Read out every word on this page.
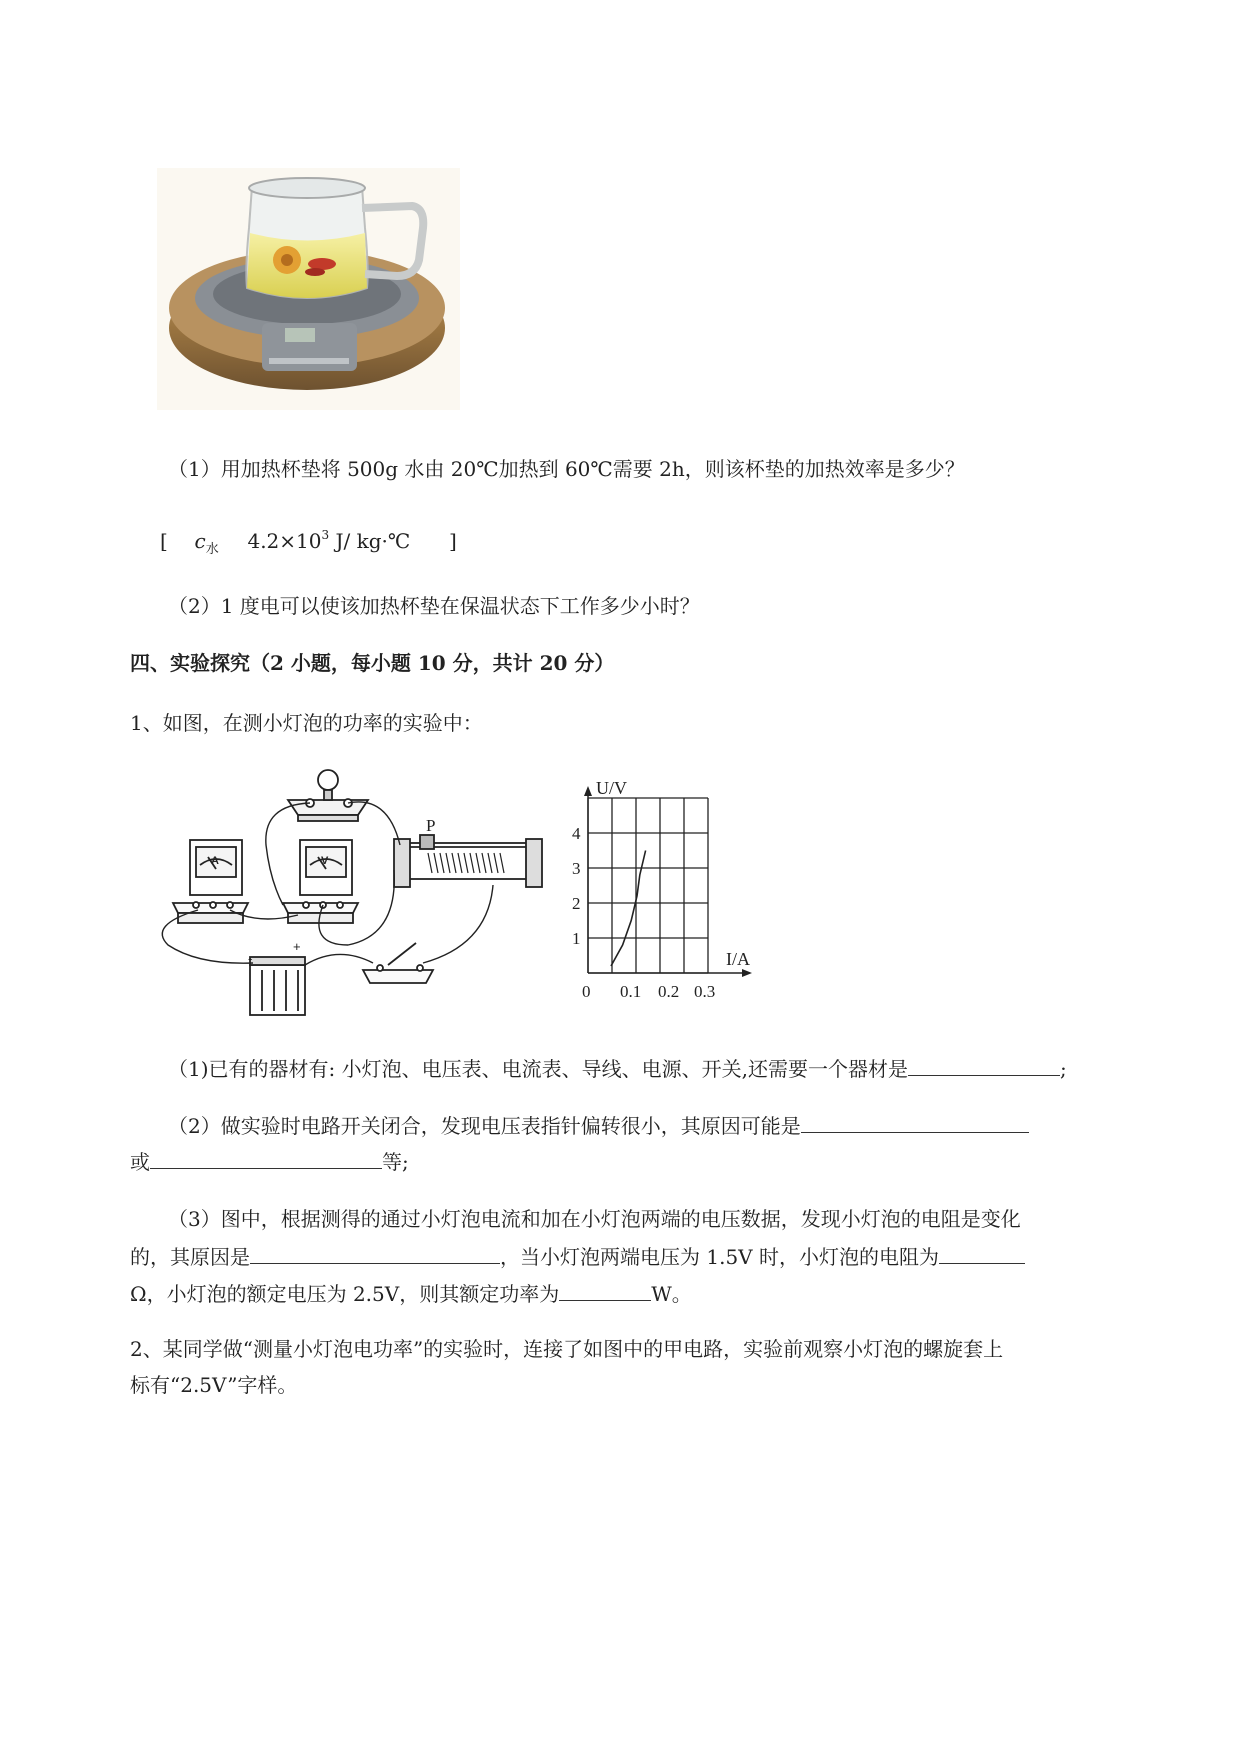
（1）用加热杯垫将 500g 水由 20℃加热到 60℃需要 2h，则该杯垫的加热效率是多少？
[ $c_水$ $4.2\times 10^3$ J/ kg·℃ ]
（2）1 度电可以使该加热杯垫在保温状态下工作多少小时？
四、实验探究（2 小题，每小题 10 分，共计 20 分）
1、如图，在测小灯泡的功率的实验中：
A	V
P
+
-
1
2
3
4
0 0.1 0.2 0.3
U/V
I/A
（1)已有的器材有: 小灯泡、电压表、电流表、导线、电源、开关,还需要一个器材是	;
（2）做实验时电路开关闭合，发现电压表指针偏转很小，其原因可能是
或	等;
（3）图中，根据测得的通过小灯泡电流和加在小灯泡两端的电压数据，发现小灯泡的电阻是变化
的，其原因是	，当小灯泡两端电压为 1.5V 时，小灯泡的电阻为
Ω，小灯泡的额定电压为 2.5V，则其额定功率为	W。
2、某同学做“测量小灯泡电功率”的实验时，连接了如图中的甲电路，实验前观察小灯泡的螺旋套上
标有“2.5V”字样。
